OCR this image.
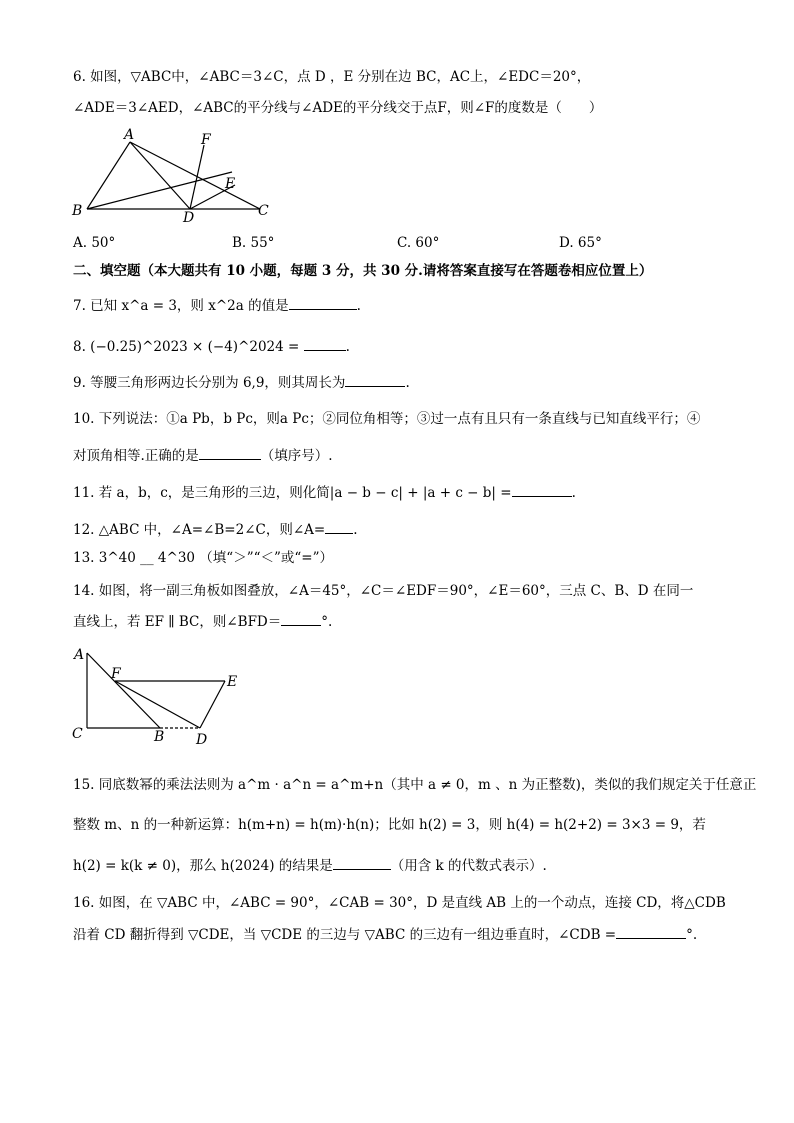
6. 如图，▽ABC中，∠ABC＝3∠C，点 D ，E 分别在边 BC，AC上，∠EDC＝20°，
∠ADE＝3∠AED，∠ABC的平分线与∠ADE的平分线交于点F，则∠F的度数是（　　）
A	F
E
B	D	C
A. 50°	B. 55°	C. 60°	D. 65°
二、填空题（本大题共有 10 小题，每题 3 分，共 30 分.请将答案直接写在答题卷相应位置上）
7. 已知 x^a = 3，则 x^2a 的值是	.
8. (−0.25)^2023 × (−4)^2024 =	.
9. 等腰三角形两边长分别为 6,9，则其周长为	.
10. 下列说法：①a Pb，b Pc，则a Pc；②同位角相等；③过一点有且只有一条直线与已知直线平行；④
对顶角相等.正确的是	（填序号）.
11. 若 a，b，c，是三角形的三边，则化简|a − b − c| + |a + c − b| =	.
12. △ABC 中，∠A=∠B=2∠C，则∠A= .
13. 3^40 __ 4^30 （填“＞”“＜”或“=”）
14. 如图，将一副三角板如图叠放，∠A＝45°，∠C＝∠EDF＝90°，∠E＝60°，三点 C、B、D 在同一
直线上，若 EF ∥ BC，则∠BFD＝	°.
A
F	E
C	B D
15. 同底数幂的乘法法则为 a^m · a^n = a^m+n（其中 a ≠ 0，m 、n 为正整数)，类似的我们规定关于任意正
整数 m、n 的一种新运算：h(m+n) = h(m)·h(n)；比如 h(2) = 3，则 h(4) = h(2+2) = 3×3 = 9，若
h(2) = k(k ≠ 0)，那么 h(2024) 的结果是	（用含 k 的代数式表示）.
16. 如图，在 ▽ABC 中，∠ABC = 90°，∠CAB = 30°，D 是直线 AB 上的一个动点，连接 CD，将△CDB
沿着 CD 翻折得到 ▽CDE，当 ▽CDE 的三边与 ▽ABC 的三边有一组边垂直时，∠CDB =	°.
